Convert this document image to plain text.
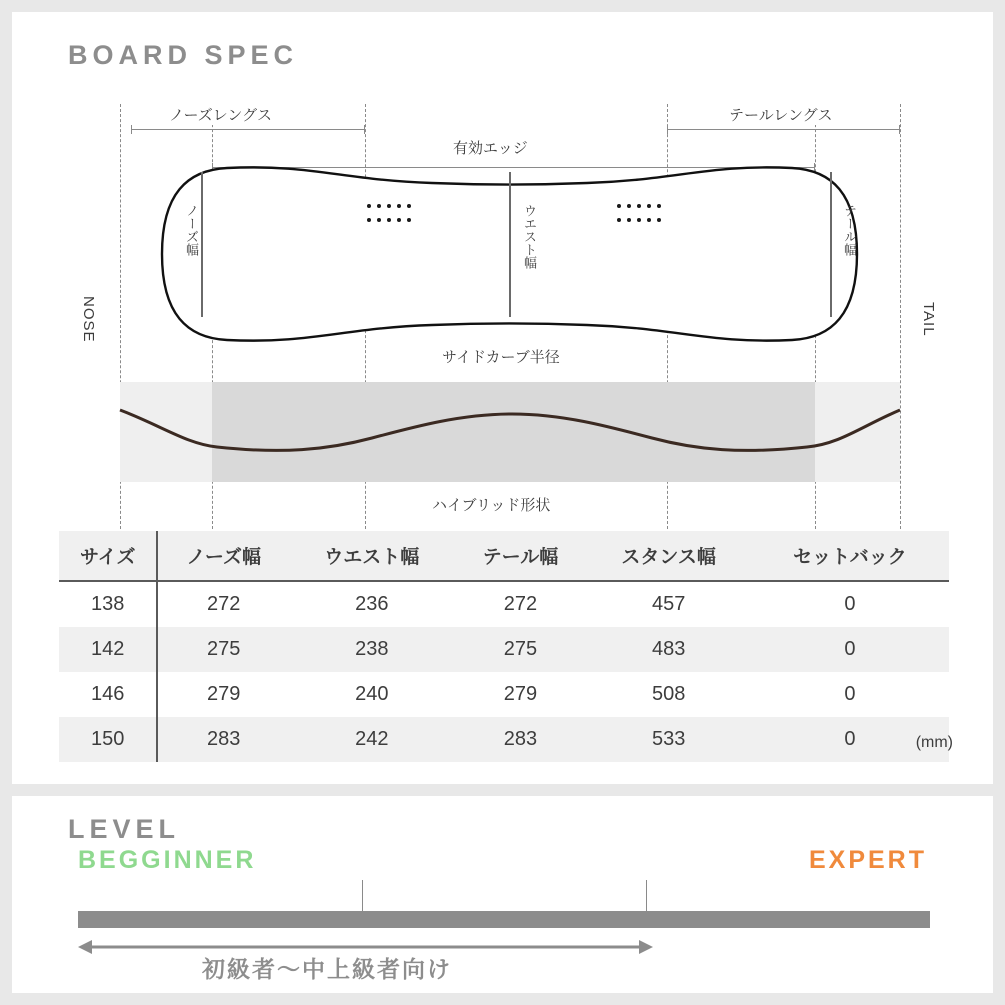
BOARD SPEC
ノーズレングス	テールレングス
有効エッジ
ノーズ幅	ウエスト幅	テール幅
NOSE	TAIL
サイドカーブ半径
ハイブリッド形状
サイズ	ノーズ幅	ウエスト幅	テール幅	スタンス幅	セットバック
138	272	236	272	457	0
142	275	238	275	483	0
146	279	240	279	508	0
150	283	242	283	533	0	(mm)
LEVEL
BEGGINNER	EXPERT
初級者〜中上級者向け
